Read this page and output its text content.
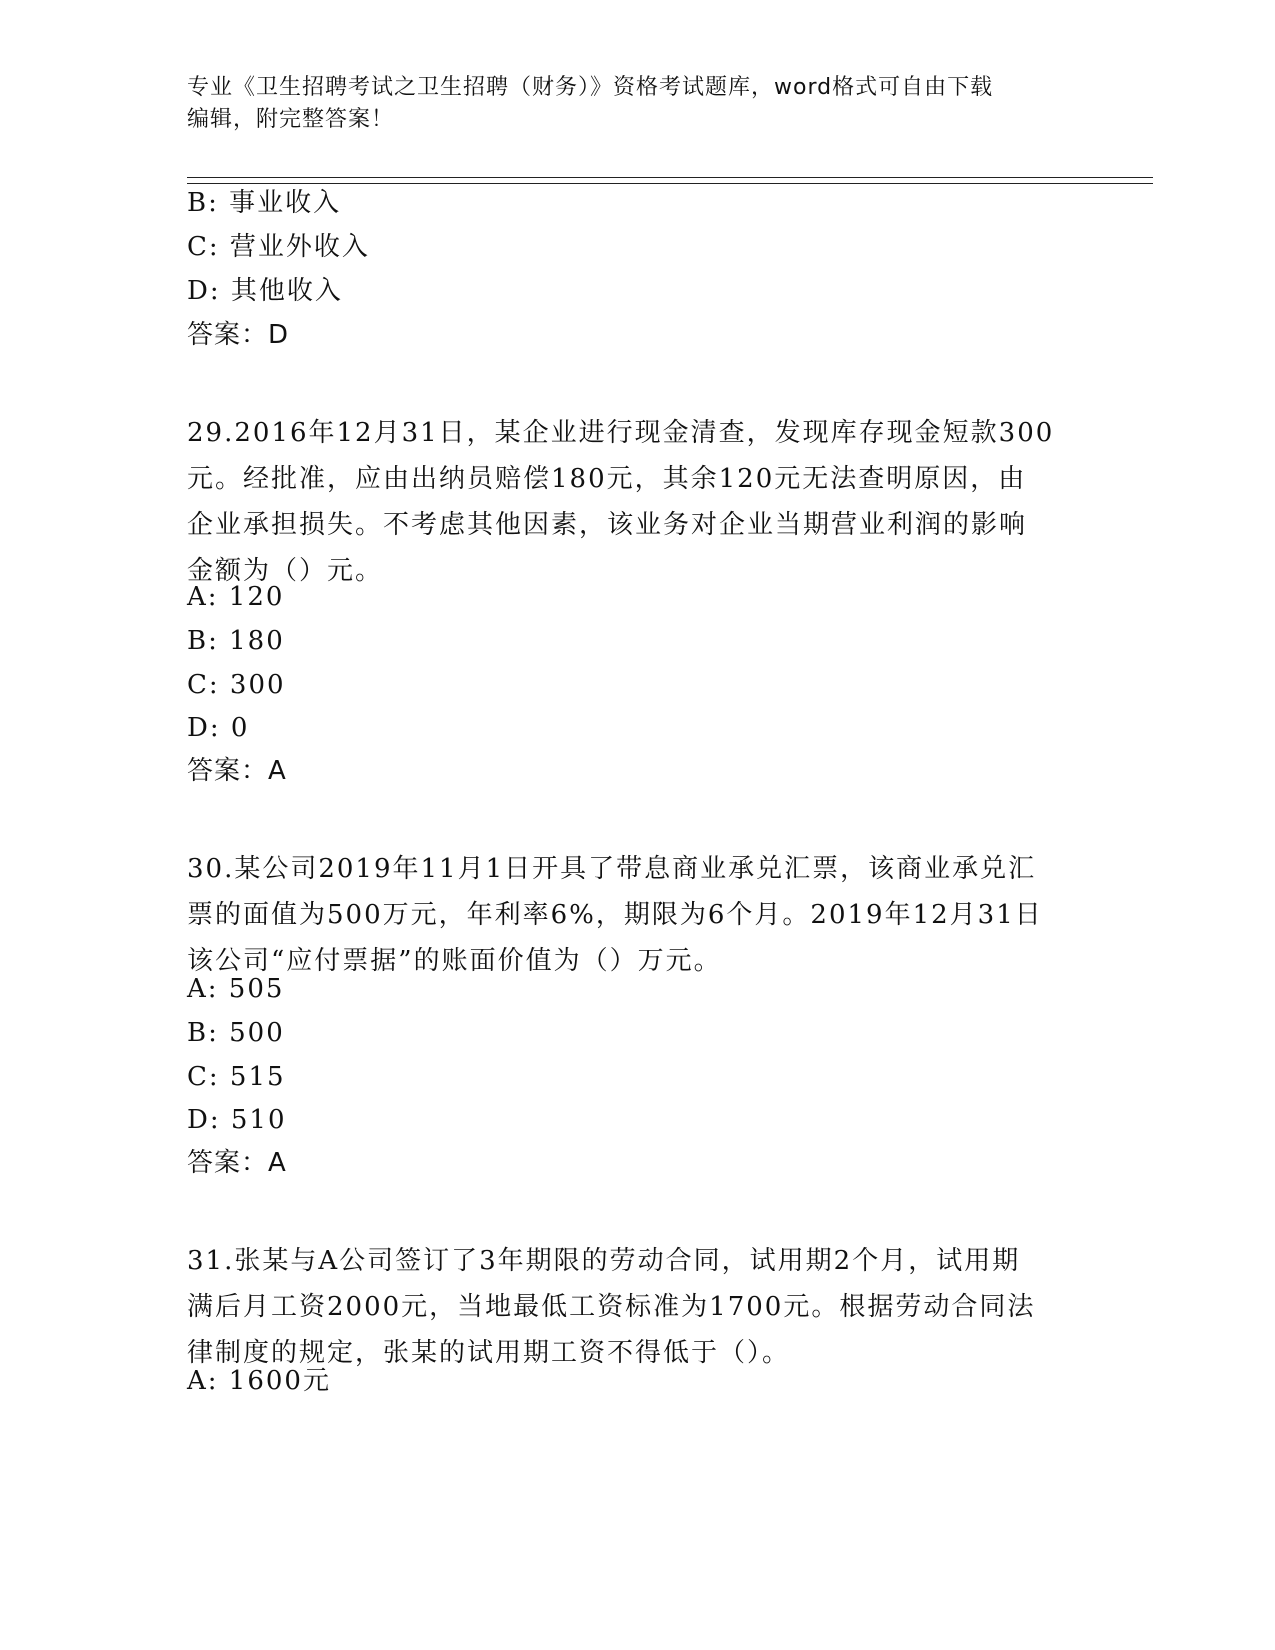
专业《卫生招聘考试之卫生招聘（财务）》资格考试题库，word格式可自由下载
编辑，附完整答案！
B: 事业收入
C: 营业外收入
D: 其他收入
答案：D
29.2016年12月31日，某企业进行现金清查，发现库存现金短款300
元。经批准，应由出纳员赔偿180元，其余120元无法查明原因，由
企业承担损失。不考虑其他因素，该业务对企业当期营业利润的影响
金额为（）元。
A: 120
B: 180
C: 300
D: 0
答案：A
30.某公司2019年11月1日开具了带息商业承兑汇票，该商业承兑汇
票的面值为500万元，年利率6%，期限为6个月。2019年12月31日
该公司“应付票据”的账面价值为（）万元。
A: 505
B: 500
C: 515
D: 510
答案：A
31.张某与A公司签订了3年期限的劳动合同，试用期2个月，试用期
满后月工资2000元，当地最低工资标准为1700元。根据劳动合同法
律制度的规定，张某的试用期工资不得低于（）。
A: 1600元
